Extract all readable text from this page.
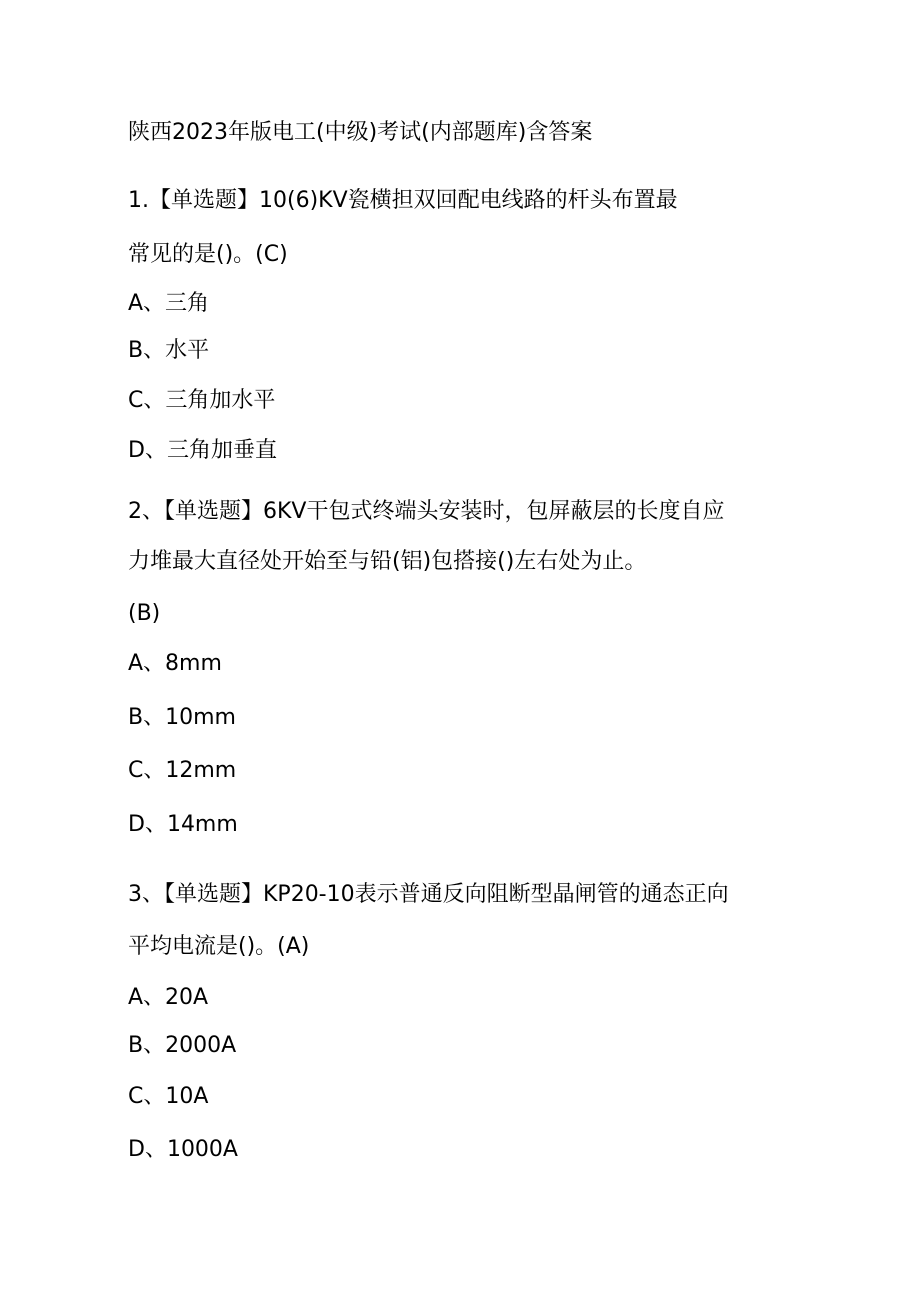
陕西2023年版电工(中级)考试(内部题库)含答案
1.【单选题】10(6)KV瓷横担双回配电线路的杆头布置最
常见的是()。(C)
A、三角
B、水平
C、三角加水平
D、三角加垂直
2、【单选题】6KV干包式终端头安装时，包屏蔽层的长度自应
力堆最大直径处开始至与铅(铝)包搭接()左右处为止。
(B)
A、8mm
B、10mm
C、12mm
D、14mm
3、【单选题】KP20-10表示普通反向阻断型晶闸管的通态正向
平均电流是()。(A)
A、20A
B、2000A
C、10A
D、1000A
